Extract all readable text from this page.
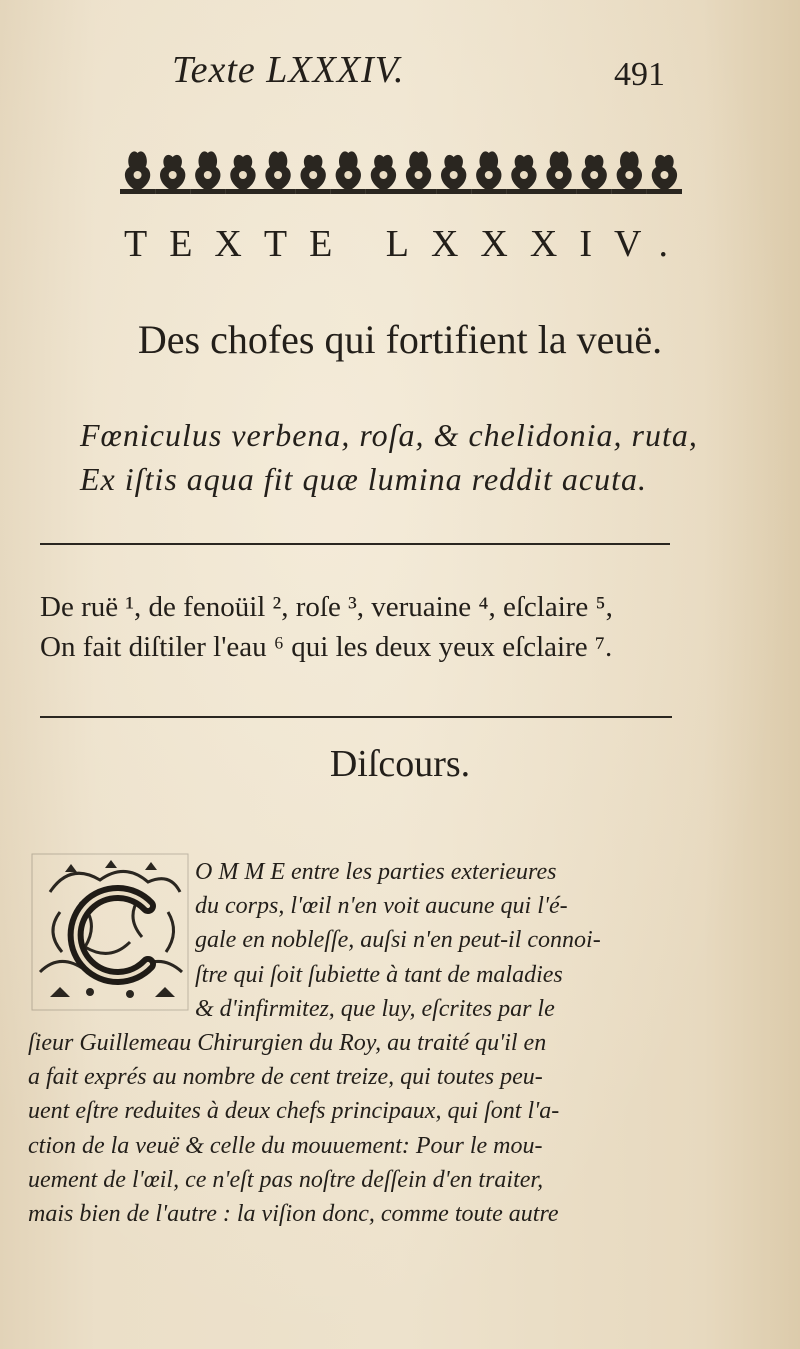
Texte LXXXIV.	491
TEXTE LXXXIV.
Des chofes qui fortifient la veuë.
Fœniculus verbena, roſa, & chelidonia, ruta,
Ex iſtis aqua fit quæ lumina reddit acuta.
De ruë ¹, de fenoüil ², roſe ³, veruaine ⁴, eſclaire ⁵,
On fait diſtiler l'eau ⁶ qui les deux yeux eſclaire ⁷.
Diſcours.
O M M E entre les parties exterieures
du corps, l'œil n'en voit aucune qui l'é-
gale en nobleſſe, auſsi n'en peut-il connoi-
ſtre qui ſoit ſubiette à tant de maladies
& d'infirmitez, que luy, eſcrites par le
ſieur Guillemeau Chirurgien du Roy, au traité qu'il en
a fait exprés au nombre de cent treize, qui toutes peu-
uent eſtre reduites à deux chefs principaux, qui ſont l'a-
ction de la veuë & celle du mouuement: Pour le mou-
uement de l'œil, ce n'eſt pas noſtre deſſein d'en traiter,
mais bien de l'autre : la viſion donc, comme toute autre
